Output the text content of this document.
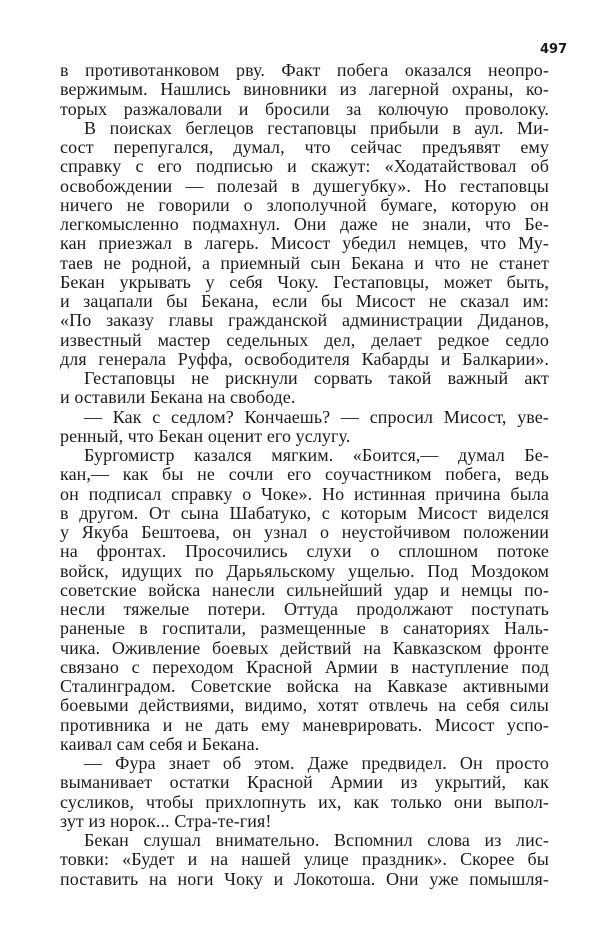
497
в противотанковом рву. Факт побега оказался неопро-
вержимым. Нашлись виновники из лагерной охраны, ко-
торых разжаловали и бросили за колючую проволоку.
В поисках беглецов гестаповцы прибыли в аул. Ми-
сост перепугался, думал, что сейчас предъявят ему
справку с его подписью и скажут: «Ходатайствовал об
освобождении — полезай в душегубку». Но гестаповцы
ничего не говорили о злополучной бумаге, которую он
легкомысленно подмахнул. Они даже не знали, что Бе-
кан приезжал в лагерь. Мисост убедил немцев, что Му-
таев не родной, а приемный сын Бекана и что не станет
Бекан укрывать у себя Чоку. Гестаповцы, может быть,
и зацапали бы Бекана, если бы Мисост не сказал им:
«По заказу главы гражданской администрации Диданов,
известный мастер седельных дел, делает редкое седло
для генерала Руффа, освободителя Кабарды и Балкарии».
Гестаповцы не рискнули сорвать такой важный акт
и оставили Бекана на свободе.
— Как с седлом? Кончаешь? — спросил Мисост, уве-
ренный, что Бекан оценит его услугу.
Бургомистр казался мягким. «Боится,— думал Бе-
кан,— как бы не сочли его соучастником побега, ведь
он подписал справку о Чоке». Но истинная причина была
в другом. От сына Шабатуко, с которым Мисост виделся
у Якуба Бештоева, он узнал о неустойчивом положении
на фронтах. Просочились слухи о сплошном потоке
войск, идущих по Дарьяльскому ущелью. Под Моздоком
советские войска нанесли сильнейший удар и немцы по-
несли тяжелые потери. Оттуда продолжают поступать
раненые в госпитали, размещенные в санаториях Наль-
чика. Оживление боевых действий на Кавказском фронте
связано с переходом Красной Армии в наступление под
Сталинградом. Советские войска на Кавказе активными
боевыми действиями, видимо, хотят отвлечь на себя силы
противника и не дать ему маневрировать. Мисост успо-
каивал сам себя и Бекана.
— Фура знает об этом. Даже предвидел. Он просто
выманивает остатки Красной Армии из укрытий, как
сусликов, чтобы прихлопнуть их, как только они выпол-
зут из норок... Стра-те-гия!
Бекан слушал внимательно. Вспомнил слова из лис-
товки: «Будет и на нашей улице праздник». Скорее бы
поставить на ноги Чоку и Локотоша. Они уже помышля-
